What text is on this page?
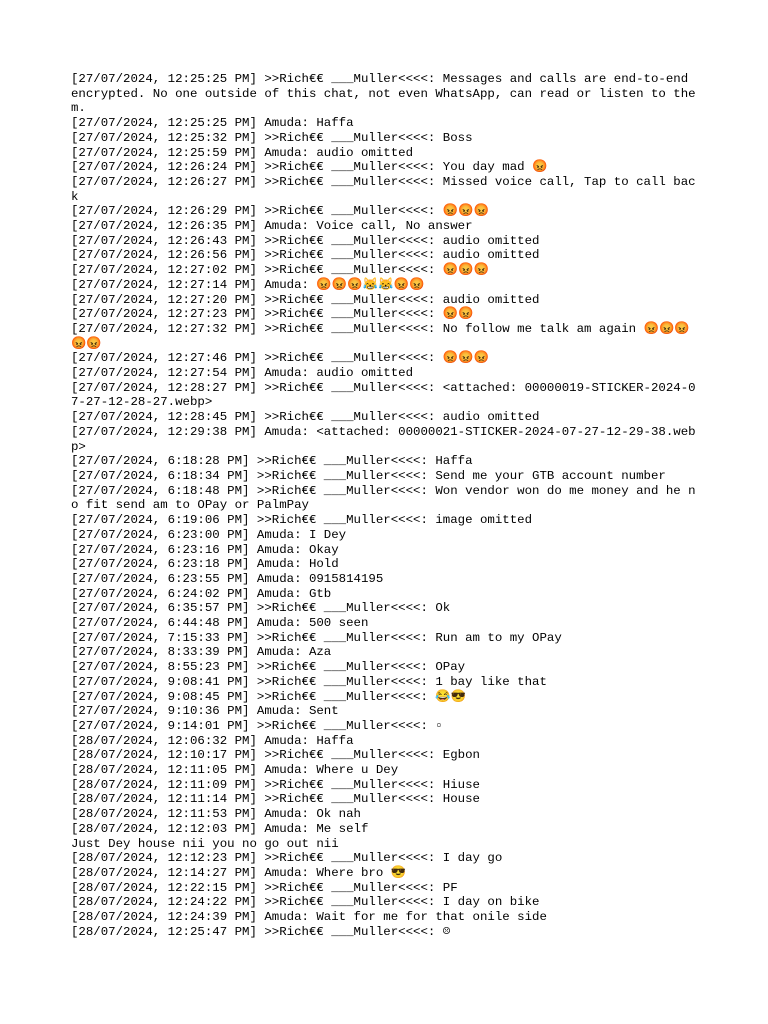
[27/07/2024, 12:25:25 PM] >>Rich€€ ___Muller<<<<: Messages and calls are end-to-end encrypted. No one outside of this chat, not even WhatsApp, can read or listen to them.

[27/07/2024, 12:25:25 PM] Amuda: Haffa

[27/07/2024, 12:25:32 PM] >>Rich€€ ___Muller<<<<: Boss

[27/07/2024, 12:25:59 PM] Amuda: audio omitted

[27/07/2024, 12:26:24 PM] >>Rich€€ ___Muller<<<<: You day mad 😡

[27/07/2024, 12:26:27 PM] >>Rich€€ ___Muller<<<<: Missed voice call, Tap to call back

[27/07/2024, 12:26:29 PM] >>Rich€€ ___Muller<<<<: 😡😡😡

[27/07/2024, 12:26:35 PM] Amuda: Voice call, No answer

[27/07/2024, 12:26:43 PM] >>Rich€€ ___Muller<<<<: audio omitted

[27/07/2024, 12:26:56 PM] >>Rich€€ ___Muller<<<<: audio omitted

[27/07/2024, 12:27:02 PM] >>Rich€€ ___Muller<<<<: 😡😡😡

[27/07/2024, 12:27:14 PM] Amuda: 😡😡😡😹😹😡😡

[27/07/2024, 12:27:20 PM] >>Rich€€ ___Muller<<<<: audio omitted

[27/07/2024, 12:27:23 PM] >>Rich€€ ___Muller<<<<: 😡😡

[27/07/2024, 12:27:32 PM] >>Rich€€ ___Muller<<<<: No follow me talk am again 😡😡😡😡😡

[27/07/2024, 12:27:46 PM] >>Rich€€ ___Muller<<<<: 😡😡😡

[27/07/2024, 12:27:54 PM] Amuda: audio omitted

[27/07/2024, 12:28:27 PM] >>Rich€€ ___Muller<<<<: <attached: 00000019-STICKER-2024-07-27-12-28-27.webp>

[27/07/2024, 12:28:45 PM] >>Rich€€ ___Muller<<<<: audio omitted

[27/07/2024, 12:29:38 PM] Amuda: <attached: 00000021-STICKER-2024-07-27-12-29-38.webp>

[27/07/2024, 6:18:28 PM] >>Rich€€ ___Muller<<<<: Haffa

[27/07/2024, 6:18:34 PM] >>Rich€€ ___Muller<<<<: Send me your GTB account number

[27/07/2024, 6:18:48 PM] >>Rich€€ ___Muller<<<<: Won vendor won do me money and he no fit send am to OPay or PalmPay

[27/07/2024, 6:19:06 PM] >>Rich€€ ___Muller<<<<: image omitted

[27/07/2024, 6:23:00 PM] Amuda: I Dey

[27/07/2024, 6:23:16 PM] Amuda: Okay

[27/07/2024, 6:23:18 PM] Amuda: Hold

[27/07/2024, 6:23:55 PM] Amuda: 0915814195

[27/07/2024, 6:24:02 PM] Amuda: Gtb

[27/07/2024, 6:35:57 PM] >>Rich€€ ___Muller<<<<: Ok

[27/07/2024, 6:44:48 PM] Amuda: 500 seen

[27/07/2024, 7:15:33 PM] >>Rich€€ ___Muller<<<<: Run am to my OPay

[27/07/2024, 8:33:39 PM] Amuda: Aza

[27/07/2024, 8:55:23 PM] >>Rich€€ ___Muller<<<<: OPay

[27/07/2024, 9:08:41 PM] >>Rich€€ ___Muller<<<<: 1 bay like that

[27/07/2024, 9:08:45 PM] >>Rich€€ ___Muller<<<<: 😂😎

[27/07/2024, 9:10:36 PM] Amuda: Sent

[27/07/2024, 9:14:01 PM] >>Rich€€ ___Muller<<<<: ▫

[28/07/2024, 12:06:32 PM] Amuda: Haffa

[28/07/2024, 12:10:17 PM] >>Rich€€ ___Muller<<<<: Egbon

[28/07/2024, 12:11:05 PM] Amuda: Where u Dey

[28/07/2024, 12:11:09 PM] >>Rich€€ ___Muller<<<<: Hiuse

[28/07/2024, 12:11:14 PM] >>Rich€€ ___Muller<<<<: House

[28/07/2024, 12:11:53 PM] Amuda: Ok nah

[28/07/2024, 12:12:03 PM] Amuda: Me self

Just Dey house nii you no go out nii

[28/07/2024, 12:12:23 PM] >>Rich€€ ___Muller<<<<: I day go

[28/07/2024, 12:14:27 PM] Amuda: Where bro 😎

[28/07/2024, 12:22:15 PM] >>Rich€€ ___Muller<<<<: PF

[28/07/2024, 12:24:22 PM] >>Rich€€ ___Muller<<<<: I day on bike

[28/07/2024, 12:24:39 PM] Amuda: Wait for me for that onile side

[28/07/2024, 12:25:47 PM] >>Rich€€ ___Muller<<<<: ☹
